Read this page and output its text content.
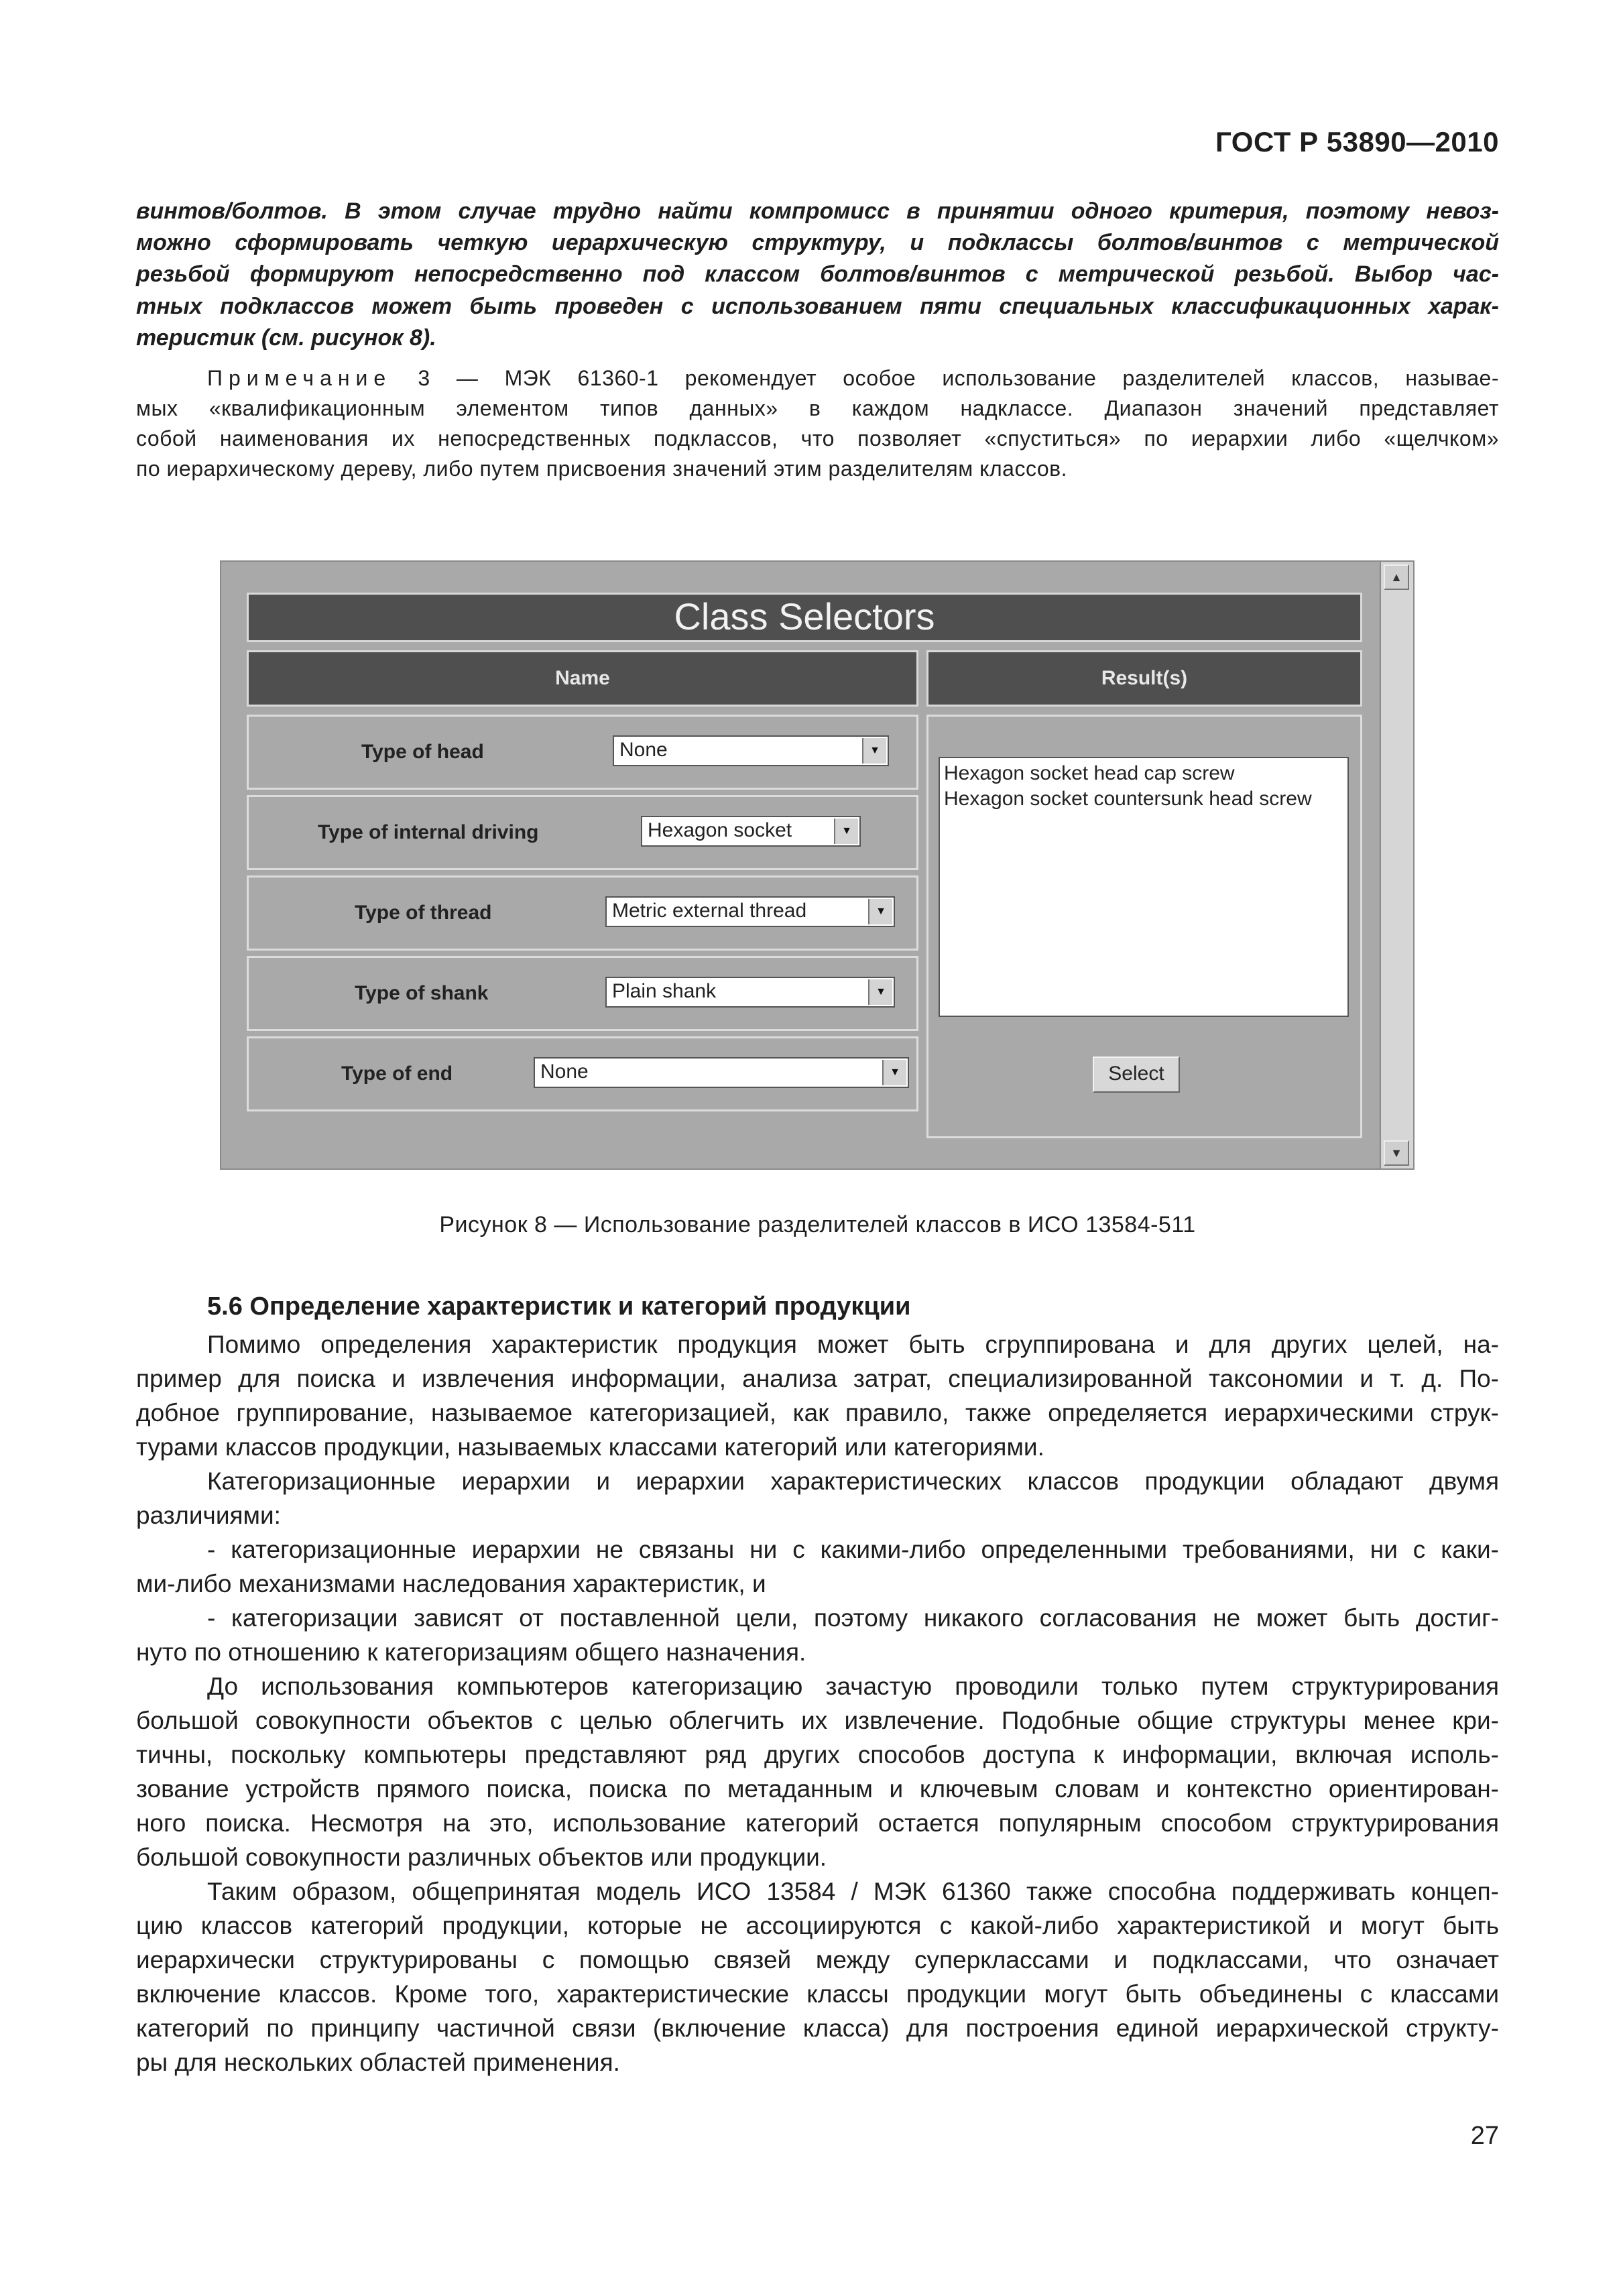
ГОСТ Р 53890—2010
винтов/болтов. В этом случае трудно найти компромисс в принятии одного критерия, поэтому невоз-
можно сформировать четкую иерархическую структуру, и подклассы болтов/винтов с метрической
резьбой формируют непосредственно под классом болтов/винтов с метрической резьбой. Выбор час-
тных подклассов может быть проведен с использованием пяти специальных классификационных харак-
теристик (см. рисунок 8).
Примечание 3 — МЭК 61360-1 рекомендует особое использование разделителей классов, называе-
мых «квалификационным элементом типов данных» в каждом надклассе. Диапазон значений представляет
собой наименования их непосредственных подклассов, что позволяет «спуститься» по иерархии либо «щелчком»
по иерархическому дереву, либо путем присвоения значений этим разделителям классов.
Class Selectors
Name	Result(s)
Type of head	None	▼
Type of internal driving	Hexagon socket	▼
Type of thread	Metric external thread	▼
Type of shank	Plain shank	▼
Type of end	None	▼
Hexagon socket head cap screw
Hexagon socket countersunk head screw
Select
▲
▼
Рисунок 8 — Использование разделителей классов в ИСО 13584-511
5.6 Определение характеристик и категорий продукции
Помимо определения характеристик продукция может быть сгруппирована и для других целей, на-
пример для поиска и извлечения информации, анализа затрат, специализированной таксономии и т. д. По-
добное группирование, называемое категоризацией, как правило, также определяется иерархическими струк-
турами классов продукции, называемых классами категорий или категориями.
Категоризационные иерархии и иерархии характеристических классов продукции обладают двумя
различиями:
- категоризационные иерархии не связаны ни с какими-либо определенными требованиями, ни с каки-
ми-либо механизмами наследования характеристик, и
- категоризации зависят от поставленной цели, поэтому никакого согласования не может быть достиг-
нуто по отношению к категоризациям общего назначения.
До использования компьютеров категоризацию зачастую проводили только путем структурирования
большой совокупности объектов с целью облегчить их извлечение. Подобные общие структуры менее кри-
тичны, поскольку компьютеры представляют ряд других способов доступа к информации, включая исполь-
зование устройств прямого поиска, поиска по метаданным и ключевым словам и контекстно ориентирован-
ного поиска. Несмотря на это, использование категорий остается популярным способом структурирования
большой совокупности различных объектов или продукции.
Таким образом, общепринятая модель ИСО 13584 / МЭК 61360 также способна поддерживать концеп-
цию классов категорий продукции, которые не ассоциируются с какой-либо характеристикой и могут быть
иерархически структурированы с помощью связей между суперклассами и подклассами, что означает
включение классов. Кроме того, характеристические классы продукции могут быть объединены с классами
категорий по принципу частичной связи (включение класса) для построения единой иерархической структу-
ры для нескольких областей применения.
27
